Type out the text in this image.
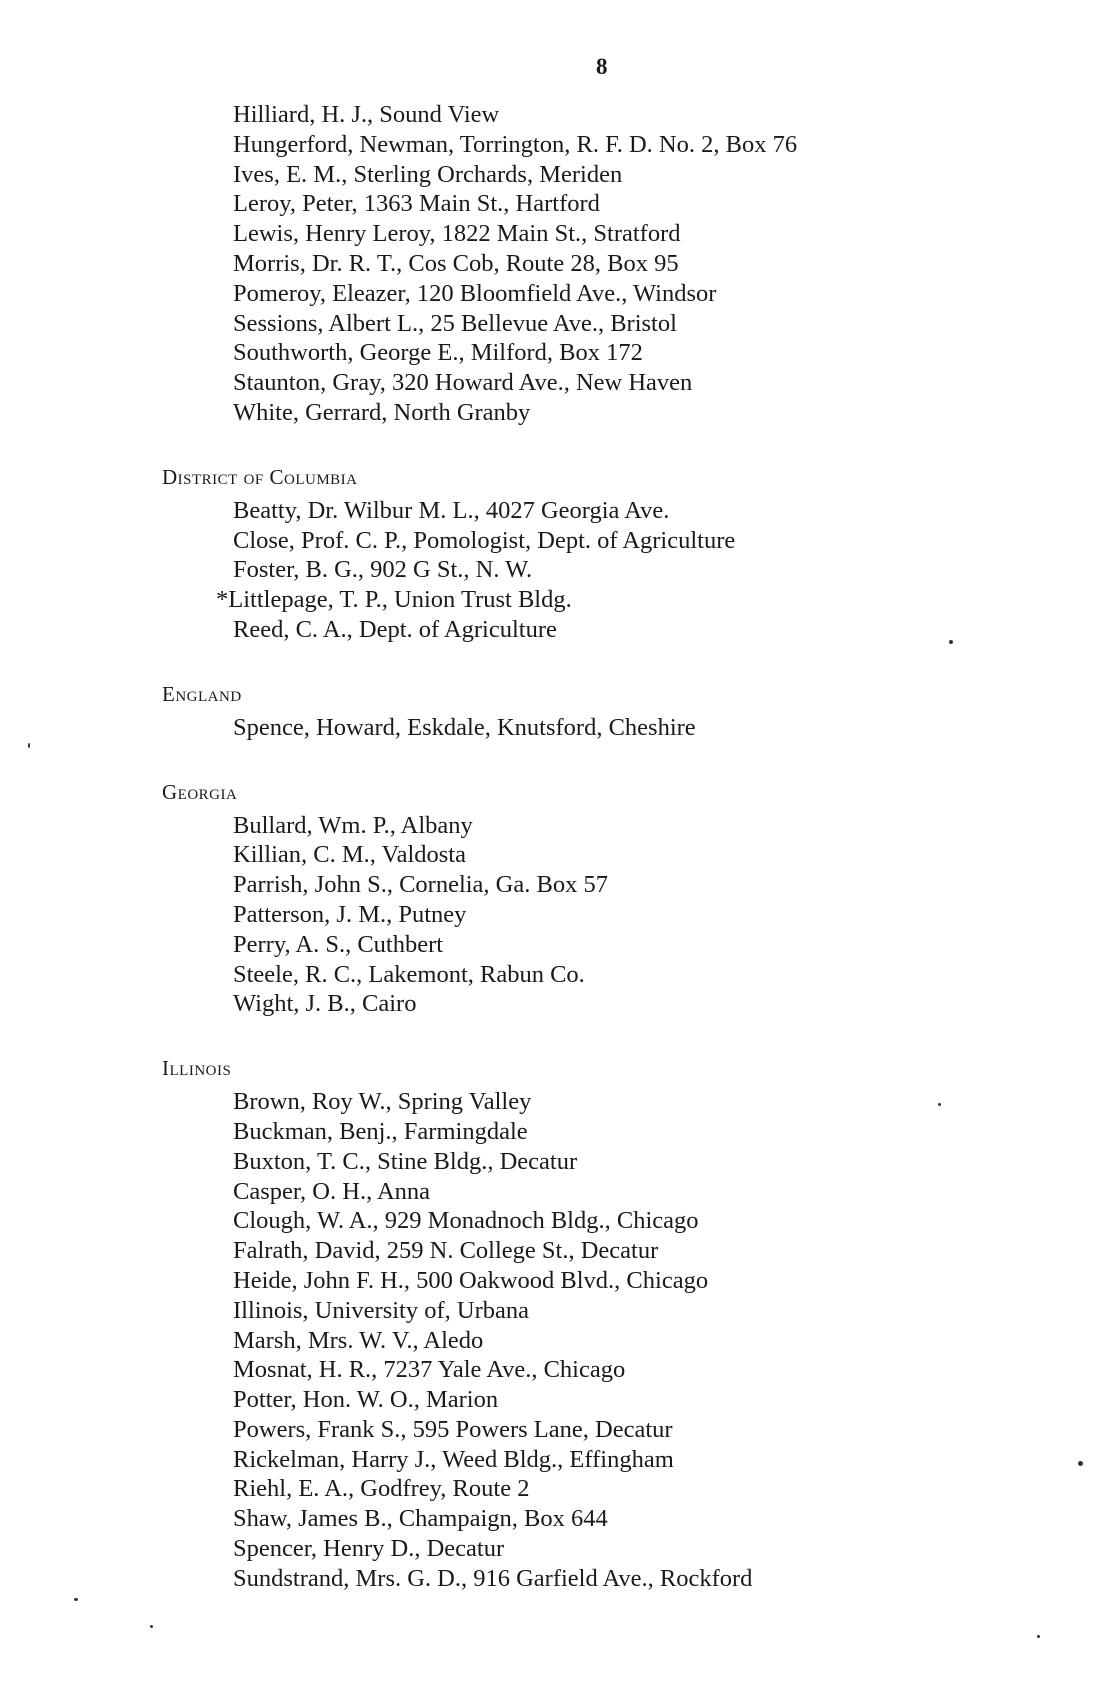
8
Hilliard, H. J., Sound View
Hungerford, Newman, Torrington, R. F. D. No. 2, Box 76
Ives, E. M., Sterling Orchards, Meriden
Leroy, Peter, 1363 Main St., Hartford
Lewis, Henry Leroy, 1822 Main St., Stratford
Morris, Dr. R. T., Cos Cob, Route 28, Box 95
Pomeroy, Eleazer, 120 Bloomfield Ave., Windsor
Sessions, Albert L., 25 Bellevue Ave., Bristol
Southworth, George E., Milford, Box 172
Staunton, Gray, 320 Howard Ave., New Haven
White, Gerrard, North Granby
District of Columbia
Beatty, Dr. Wilbur M. L., 4027 Georgia Ave.
Close, Prof. C. P., Pomologist, Dept. of Agriculture
Foster, B. G., 902 G St., N. W.
*Littlepage, T. P., Union Trust Bldg.
Reed, C. A., Dept. of Agriculture
England
Spence, Howard, Eskdale, Knutsford, Cheshire
Georgia
Bullard, Wm. P., Albany
Killian, C. M., Valdosta
Parrish, John S., Cornelia, Ga. Box 57
Patterson, J. M., Putney
Perry, A. S., Cuthbert
Steele, R. C., Lakemont, Rabun Co.
Wight, J. B., Cairo
Illinois
Brown, Roy W., Spring Valley
Buckman, Benj., Farmingdale
Buxton, T. C., Stine Bldg., Decatur
Casper, O. H., Anna
Clough, W. A., 929 Monadnoch Bldg., Chicago
Falrath, David, 259 N. College St., Decatur
Heide, John F. H., 500 Oakwood Blvd., Chicago
Illinois, University of, Urbana
Marsh, Mrs. W. V., Aledo
Mosnat, H. R., 7237 Yale Ave., Chicago
Potter, Hon. W. O., Marion
Powers, Frank S., 595 Powers Lane, Decatur
Rickelman, Harry J., Weed Bldg., Effingham
Riehl, E. A., Godfrey, Route 2
Shaw, James B., Champaign, Box 644
Spencer, Henry D., Decatur
Sundstrand, Mrs. G. D., 916 Garfield Ave., Rockford
